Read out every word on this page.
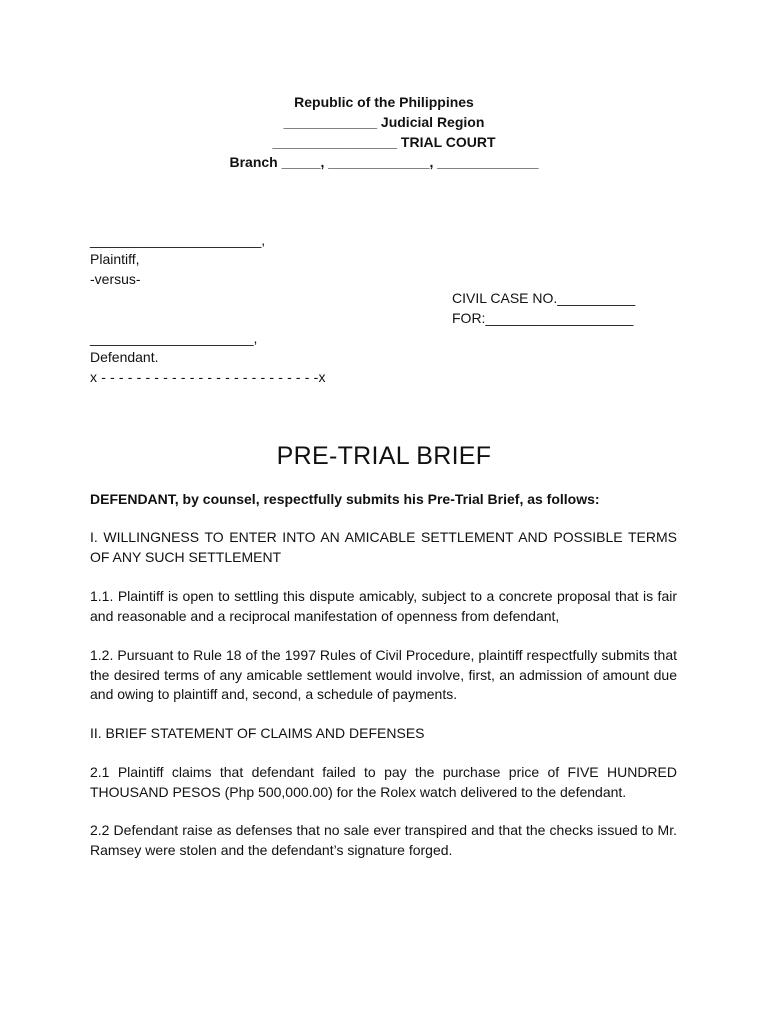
Republic of the Philippines
____________ Judicial Region
________________ TRIAL COURT
Branch _____, _____________, _____________
______________________,
Plaintiff,
-versus-
CIVIL CASE NO.__________
FOR:___________________
_____________________,
Defendant.
x - - - - - - - - - - - - - - - - - - - - - - - - -x
PRE-TRIAL BRIEF
DEFENDANT, by counsel, respectfully submits his Pre-Trial Brief, as follows:
I. WILLINGNESS TO ENTER INTO AN AMICABLE SETTLEMENT AND POSSIBLE TERMS OF ANY SUCH SETTLEMENT
1.1. Plaintiff is open to settling this dispute amicably, subject to a concrete proposal that is fair and reasonable and a reciprocal manifestation of openness from defendant,
1.2. Pursuant to Rule 18 of the 1997 Rules of Civil Procedure, plaintiff respectfully submits that the desired terms of any amicable settlement would involve, first, an admission of amount due and owing to plaintiff and, second, a schedule of payments.
II. BRIEF STATEMENT OF CLAIMS AND DEFENSES
2.1 Plaintiff claims that defendant failed to pay the purchase price of FIVE HUNDRED THOUSAND PESOS (Php 500,000.00) for the Rolex watch delivered to the defendant.
2.2 Defendant raise as defenses that no sale ever transpired and that the checks issued to Mr. Ramsey were stolen and the defendant’s signature forged.
